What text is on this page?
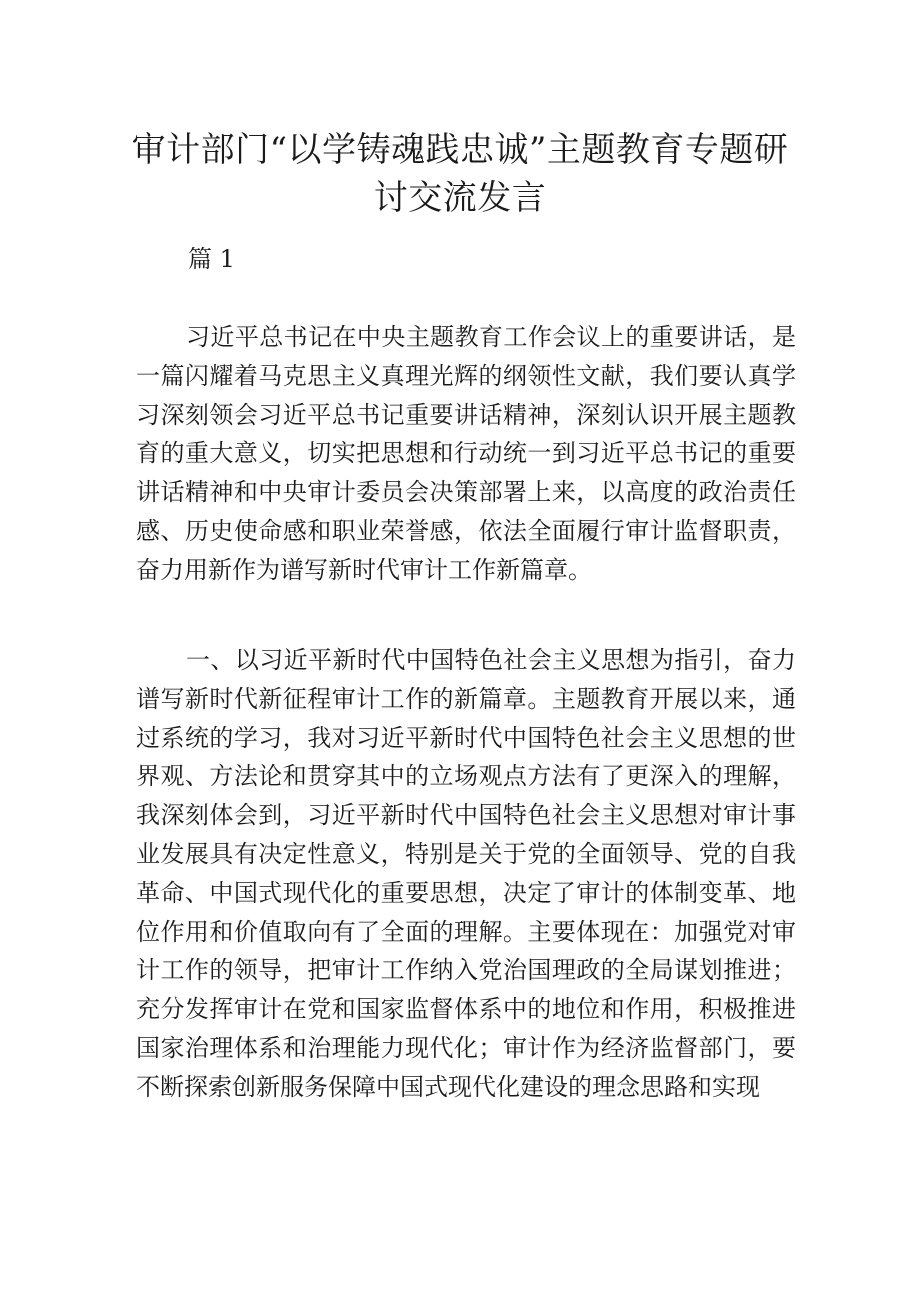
审计部门“以学铸魂践忠诚”主题教育专题研讨交流发言
篇 1

习近平总书记在中央主题教育工作会议上的重要讲话，是一篇闪耀着马克思主义真理光辉的纲领性文献，我们要认真学习深刻领会习近平总书记重要讲话精神，深刻认识开展主题教育的重大意义，切实把思想和行动统一到习近平总书记的重要讲话精神和中央审计委员会决策部署上来，以高度的政治责任感、历史使命感和职业荣誉感，依法全面履行审计监督职责，奋力用新作为谱写新时代审计工作新篇章。

一、以习近平新时代中国特色社会主义思想为指引，奋力谱写新时代新征程审计工作的新篇章。主题教育开展以来，通过系统的学习，我对习近平新时代中国特色社会主义思想的世界观、方法论和贯穿其中的立场观点方法有了更深入的理解，我深刻体会到，习近平新时代中国特色社会主义思想对审计事业发展具有决定性意义，特别是关于党的全面领导、党的自我革命、中国式现代化的重要思想，决定了审计的体制变革、地位作用和价值取向有了全面的理解。主要体现在：加强党对审计工作的领导，把审计工作纳入党治国理政的全局谋划推进；充分发挥审计在党和国家监督体系中的地位和作用，积极推进国家治理体系和治理能力现代化；审计作为经济监督部门，要不断探索创新服务保障中国式现代化建设的理念思路和实现
